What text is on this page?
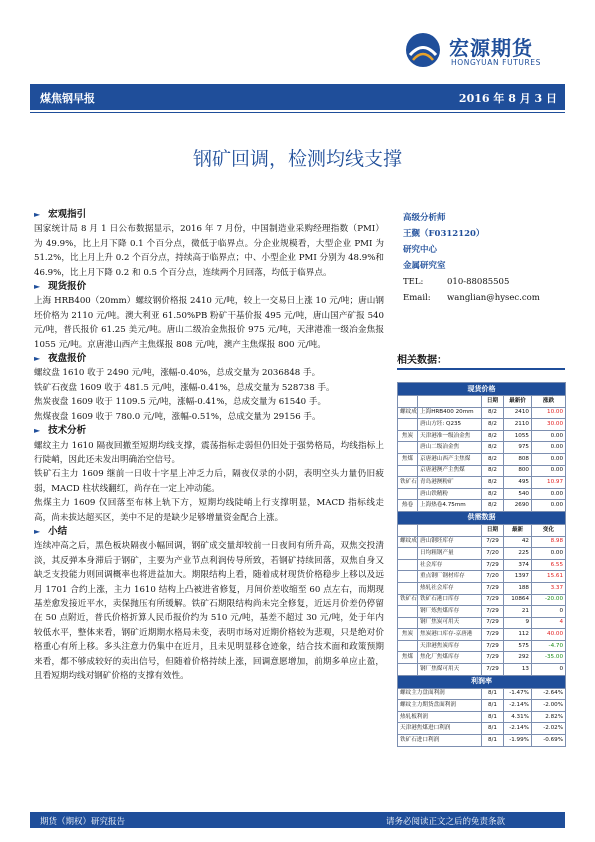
宏源期货
HONGYUAN FUTURES
煤焦钢早报	2016 年 8 月 3 日
钢矿回调，检测均线支撑
► 宏观指引

国家统计局 8 月 1 日公布数据显示，2016 年 7 月份，中国制造业采购经理指数（PMI）为 49.9%，比上月下降 0.1 个百分点，微低于临界点。分企业规模看，大型企业 PMI 为 51.2%，比上月上升 0.2 个百分点，持续高于临界点；中、小型企业 PMI 分别为 48.9%和 46.9%，比上月下降 0.2 和 0.5 个百分点，连续两个月回落，均低于临界点。

► 现货报价

上海 HRB400（20mm）螺纹钢价格报 2410 元/吨，较上一交易日上涨 10 元/吨；唐山钢坯价格为 2110 元/吨。澳大利亚 61.50%PB 粉矿干基价报 495 元/吨，唐山国产矿报 540 元/吨，普氏报价 61.25 美元/吨。唐山二级冶金焦报价 975 元/吨，天津港准一级冶金焦报 1055 元/吨。京唐港山西产主焦煤报 808 元/吨，澳产主焦煤报 800 元/吨。

► 夜盘报价

螺纹盘 1610 收于 2490 元/吨，涨幅-0.40%，总成交量为 2036848 手。

铁矿石夜盘 1609 收于 481.5 元/吨，涨幅-0.41%，总成交量为 528738 手。

焦炭夜盘 1609 收于 1109.5 元/吨，涨幅-0.41%，总成交量为 61540 手。

焦煤夜盘 1609 收于 780.0 元/吨，涨幅-0.51%，总成交量为 29156 手。

► 技术分析

螺纹主力 1610 隔夜回撤至短期均线支撑，震荡指标走弱但仍旧处于强势格局，均线指标上行陡峭，因此还未发出明确治空信号。

铁矿石主力 1609 继前一日收十字星上冲乏力后，隔夜仅录的小阴，表明空头力量仍旧疲弱，MACD 柱状线翻红，尚存在一定上冲动能。

焦煤主力 1609 仅回落至布林上轨下方，短期均线陡峭上行支撑明显，MACD 指标线走高，尚未拔达超买区，美中不足的是缺少足够增量资金配合上涨。

► 小结

连续冲高之后，黑色板块隔夜小幅回调，钢矿成交量却较前一日夜间有所升高，双焦交投清淡，其反弹本身滞后于钢矿，主要为产业节点利润传导所致，若钢矿持续回落，双焦自身又缺乏支投能力则回调概率也将进益加大。期限结构上看，随着成材现货价格稳步上移以及远月 1701 合约上涨，主力 1610 结构上凸被进省修复，月间价差收缩至 60 点左右，而期现基差愈发接近平水，卖保抛压有所缓解。铁矿石期限结构尚未完全修复，近远月价差仍停留在 50 点附近，普氏价格折算人民币报价约为 510 元/吨，基差不超过 30 元/吨，处于年内较低水平，整体来看，钢矿近期期水格局未变，表明市场对近期价格较为悲观，只是绝对价格重心有所上移。多头注意力仍集中在近月，且未见明显移仓迹象，结合技术面和政策预期来看，都不够成较好的卖出信号，但随着价格持续上涨，回调意愿增加，前期多单应止盈，且看短期均线对钢矿价格的支撑有效性。

高级分析师
王觐（F0312120）
研究中心
金属研究室
TEL:	010-88085505
Email: wanglian@hysec.com
相关数据：
现货价格				
		日期	最新价	涨跌
螺纹成	上海HRB400 20mm	8/2	2410	10.00
	唐山方坯: Q235	8/2	2110	30.00
焦炭	天津港准一级冶金焦	8/2	1055	0.00
	唐山二级冶金焦	8/2	975	0.00
焦煤	京唐港山西产主焦煤	8/2	808	0.00
	京唐港澳产主焦煤	8/2	800	0.00
铁矿石	青岛港澳粉矿	8/2	495	10.97
	唐山铁精粉	8/2	540	0.00
热卷	上海热卷4.75mm	8/2	2690	0.00
供需数据				
		日期	最新	变化
螺纹成	唐山钢坯库存	7/29	42	8.98
	日均粗钢产量	7/20	225	0.00
	社会库存	7/29	374	6.55
	重点钢厂钢材库存	7/20	1397	15.61
	热轧社会库存	7/29	188	3.37
铁矿石	铁矿石港口库存	7/29	10864	-20.00
	钢厂炼焦煤库存	7/29	21	0
	钢厂焦炭可用天	7/29	9	4
焦炭	焦炭港口库存-京唐港	7/29	112	40.00
	天津港焦炭库存	7/29	575	-4.70
焦煤	焦化厂焦煤库存	7/29	292	-35.00
	钢厂焦煤可用天	7/29	13	0
利润率				
螺纹主力盘面利润		8/1	-1.47%	-2.64%
螺纹主力期货盘面利润		8/1	-2.14%	-2.00%
热轧板利润		8/1	4.31%	2.82%
天津港焦煤进口利润		8/1	-2.14%	-2.02%
铁矿石进口利润		8/1	-1.99%	-0.69%
期货（期权）研究报告	请务必阅读正文之后的免责条款
